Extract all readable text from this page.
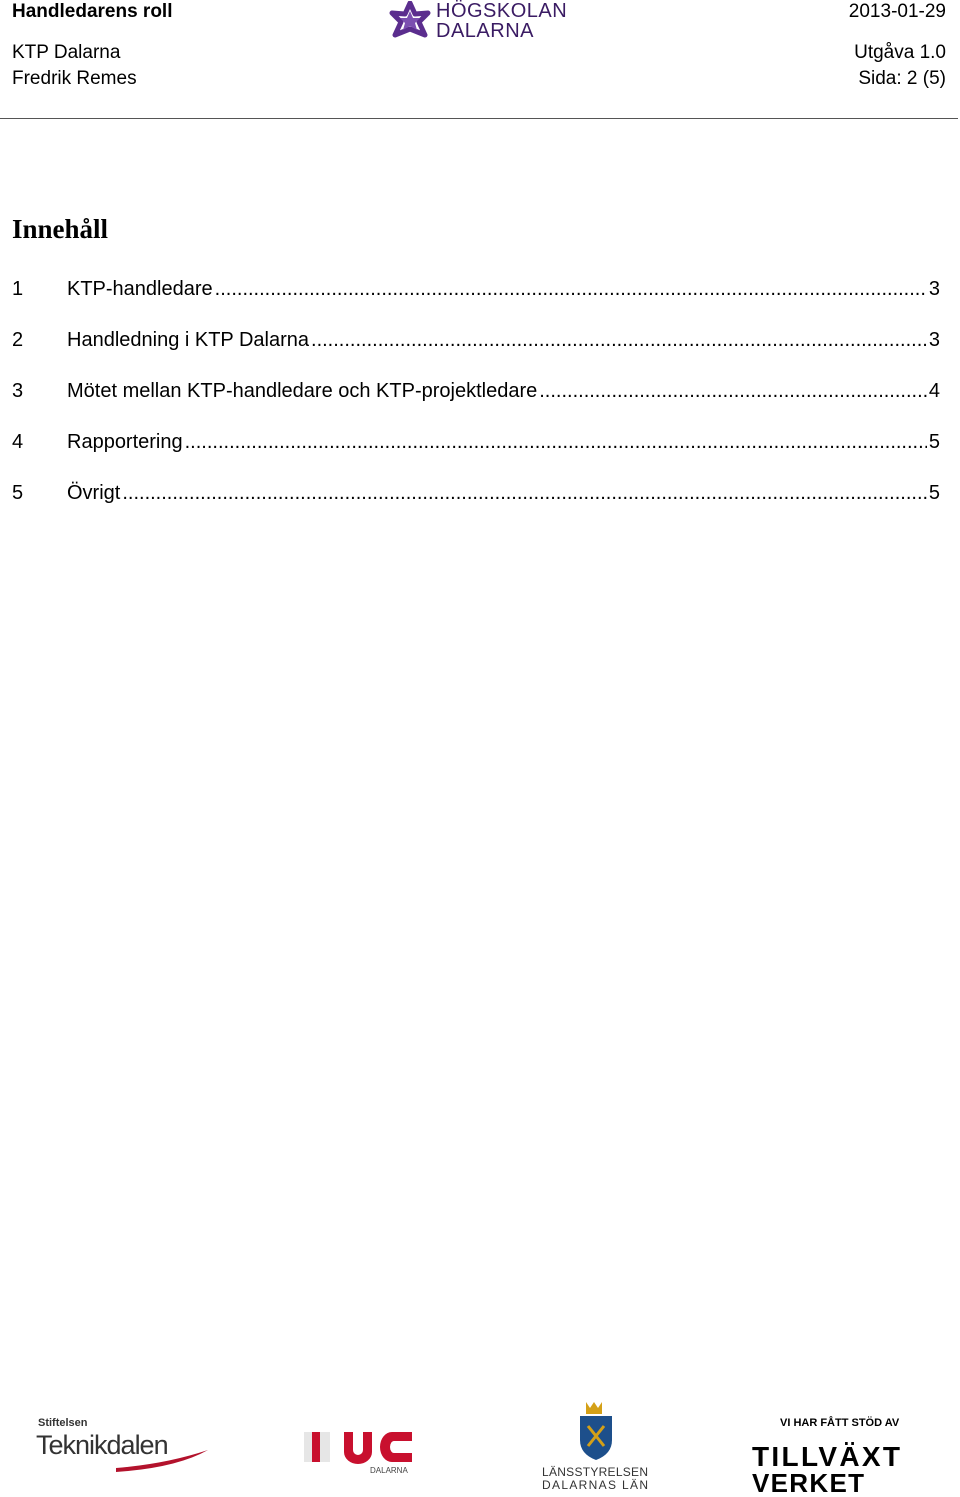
Handledarens roll	2013-01-29
KTP Dalarna	Utgåva 1.0
Fredrik Remes	Sida: 2 (5)
HÖGSKOLAN
DALARNA
Innehåll
1	KTP-handledare .....	3
2	Handledning i KTP Dalarna .....	3
3	Mötet mellan KTP-handledare och KTP-projektledare .....	4
4	Rapportering .....	5
5	Övrigt .....	5
Stiftelsen
Teknikdalen
DALARNA	LÄNSSTYRELSEN
DALARNAS LÄN
VI HAR FÅTT STÖD AV
TILLVÄXT
VERKET
